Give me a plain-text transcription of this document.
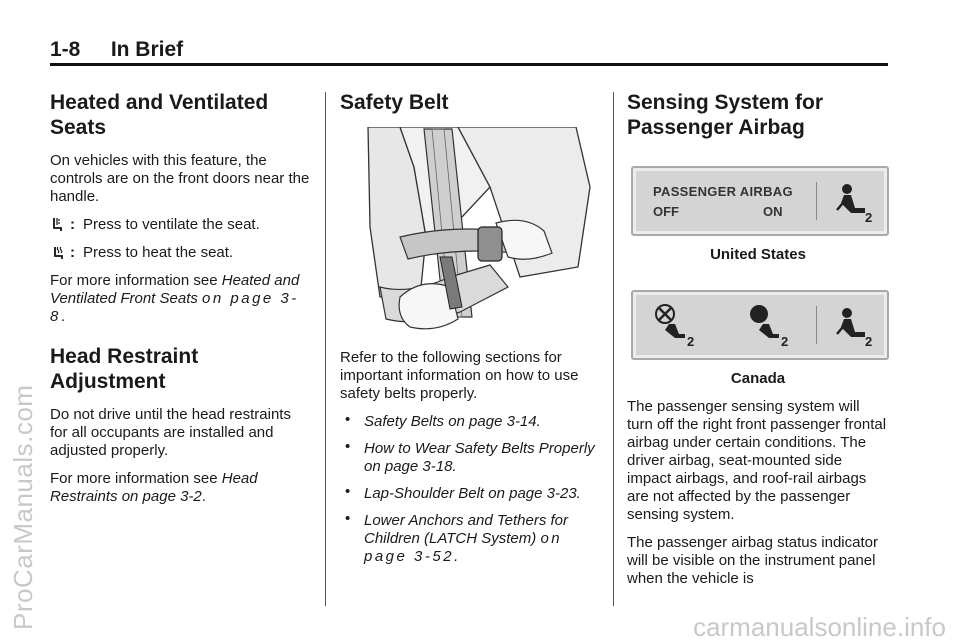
1-8 In Brief
Heated and Ventilated Seats

On vehicles with this feature, the controls are on the front doors near the handle.

: Press to ventilate the seat.
: Press to heat the seat.

For more information see Heated and Ventilated Front Seats on page 3-8.

Head Restraint Adjustment

Do not drive until the head restraints for all occupants are installed and adjusted properly.

For more information see Head Restraints on page 3-2.

Safety Belt

Refer to the following sections for important information on how to use safety belts properly.

• Safety Belts on page 3-14.
• How to Wear Safety Belts Properly on page 3-18.
• Lap-Shoulder Belt on page 3-23.
• Lower Anchors and Tethers for Children (LATCH System) on page 3-52.
Sensing System for Passenger Airbag
PASSENGER AIRBAG
OFF	ON	2
United States
2	2	2
Canada

The passenger sensing system will turn off the right front passenger frontal airbag under certain conditions. The driver airbag, seat-mounted side impact airbags, and roof-rail airbags are not affected by the passenger sensing system.

The passenger airbag status indicator will be visible on the instrument panel when the vehicle is

ProCarManuals.com	carmanualsonline.info
